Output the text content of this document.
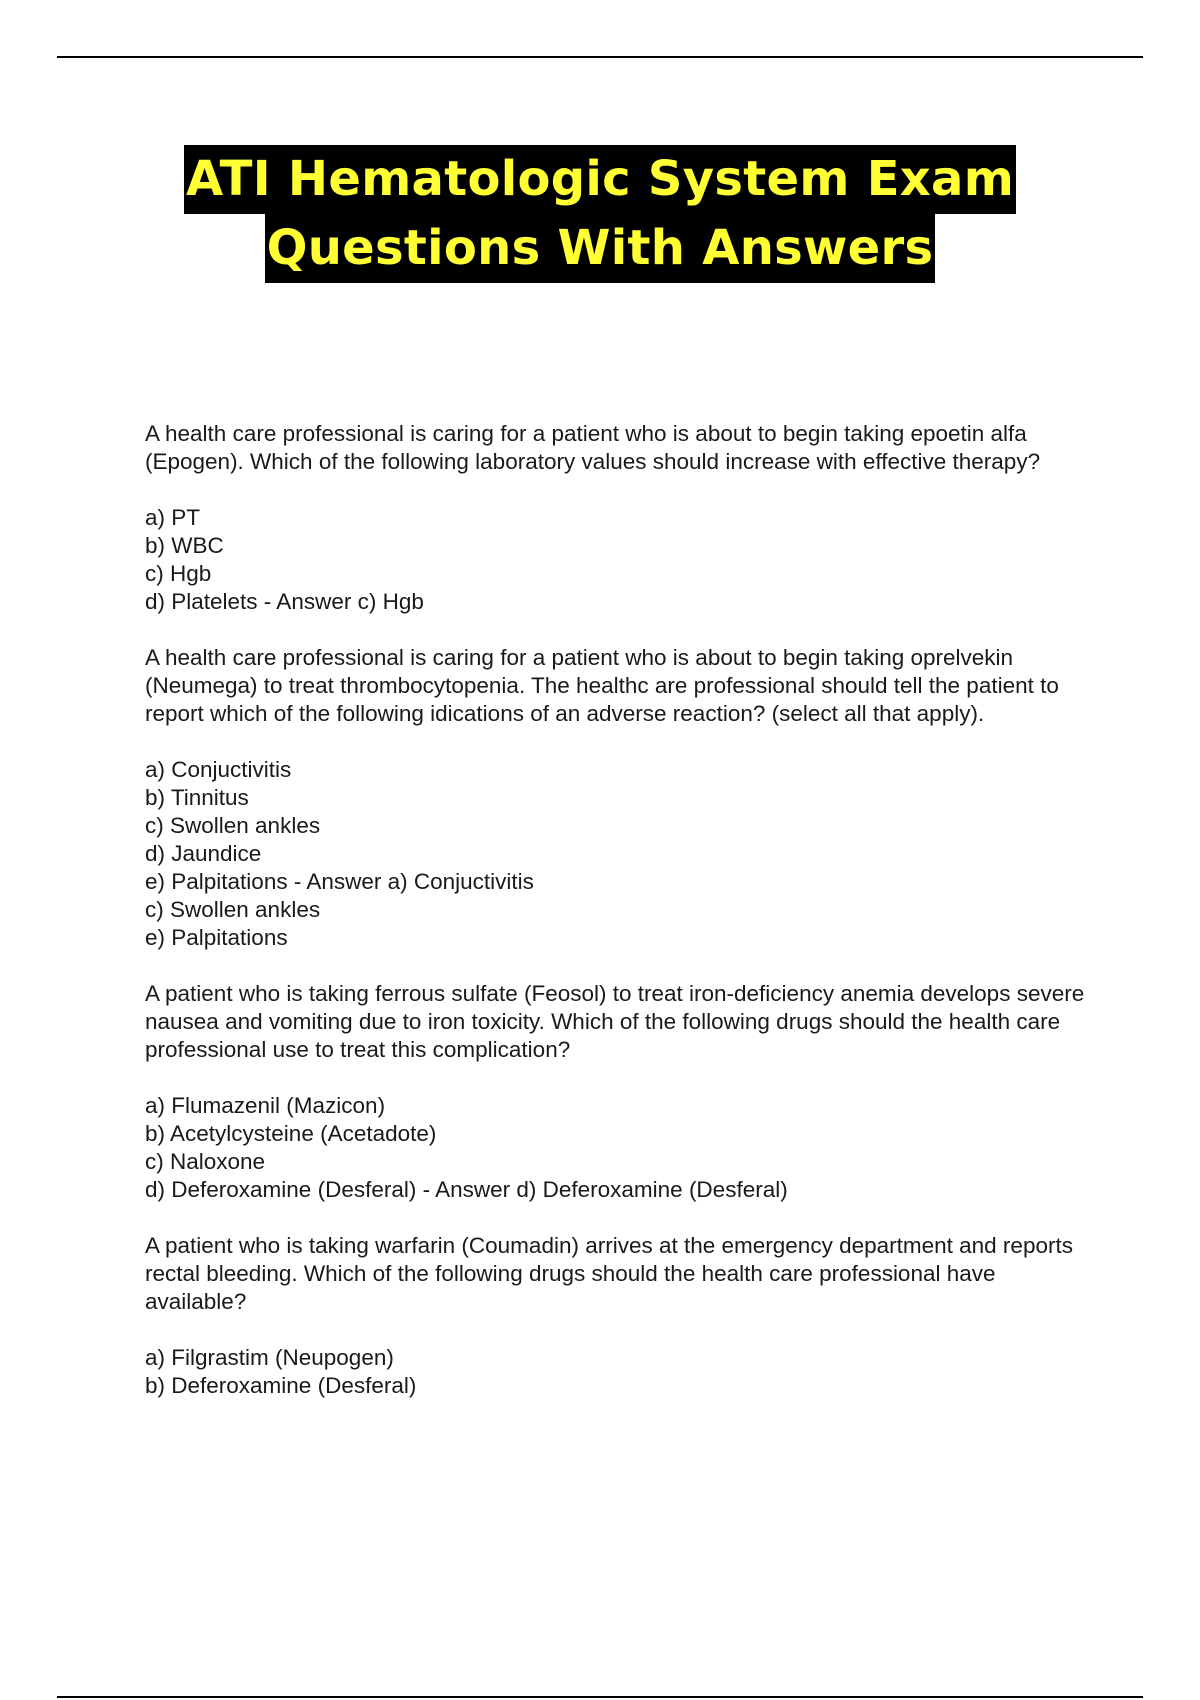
ATI Hematologic System Exam
Questions With Answers

A health care professional is caring for a patient who is about to begin taking epoetin alfa (Epogen). Which of the following laboratory values should increase with effective therapy?

a) PT
b) WBC
c) Hgb
d) Platelets - Answer c) Hgb

A health care professional is caring for a patient who is about to begin taking oprelvekin (Neumega) to treat thrombocytopenia. The healthc are professional should tell the patient to report which of the following idications of an adverse reaction? (select all that apply).

a) Conjuctivitis
b) Tinnitus
c) Swollen ankles
d) Jaundice
e) Palpitations - Answer a) Conjuctivitis
c) Swollen ankles
e) Palpitations

A patient who is taking ferrous sulfate (Feosol) to treat iron-deficiency anemia develops severe nausea and vomiting due to iron toxicity. Which of the following drugs should the health care professional use to treat this complication?

a) Flumazenil (Mazicon)
b) Acetylcysteine (Acetadote)
c) Naloxone
d) Deferoxamine (Desferal) - Answer d) Deferoxamine (Desferal)

A patient who is taking warfarin (Coumadin) arrives at the emergency department and reports rectal bleeding. Which of the following drugs should the health care professional have available?

a) Filgrastim (Neupogen)
b) Deferoxamine (Desferal)
